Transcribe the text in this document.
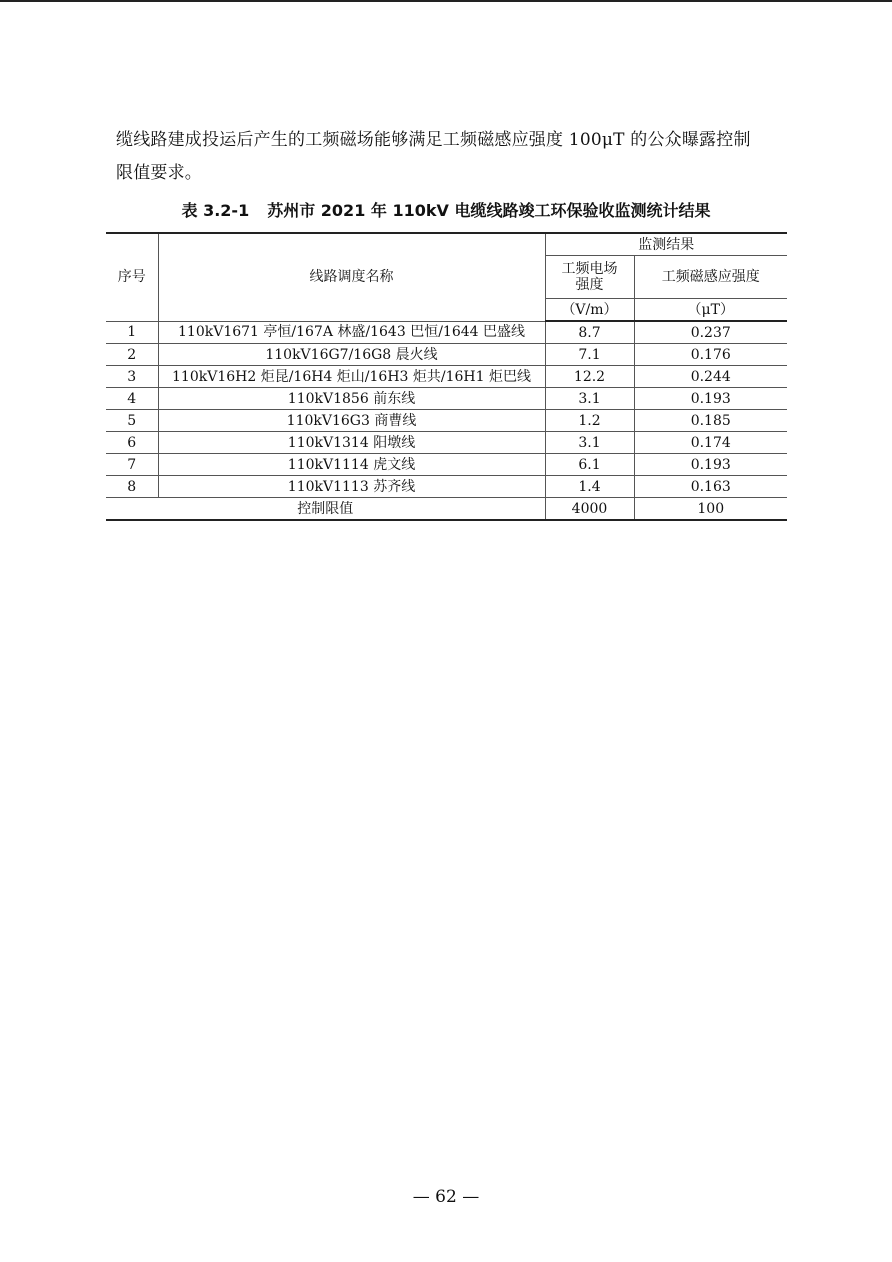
缆线路建成投运后产生的工频磁场能够满足工频磁感应强度 100μT 的公众曝露控制

限值要求。

表 3.2-1 苏州市 2021 年 110kV 电缆线路竣工环保验收监测统计结果
序号	线路调度名称	监测结果	
		工频电场强度	工频磁感应强度
		（V/m）	（μT）
1	110kV1671 亭恒/167A 林盛/1643 巴恒/1644 巴盛线	8.7	0.237
2	110kV16G7/16G8 晨火线	7.1	0.176
3	110kV16H2 炬昆/16H4 炬山/16H3 炬共/16H1 炬巴线	12.2	0.244
4	110kV1856 前东线	3.1	0.193
5	110kV16G3 商曹线	1.2	0.185
6	110kV1314 阳墩线	3.1	0.174
7	110kV1114 虎文线	6.1	0.193
8	110kV1113 苏齐线	1.4	0.163
控制限值		4000	100
— 62 —
